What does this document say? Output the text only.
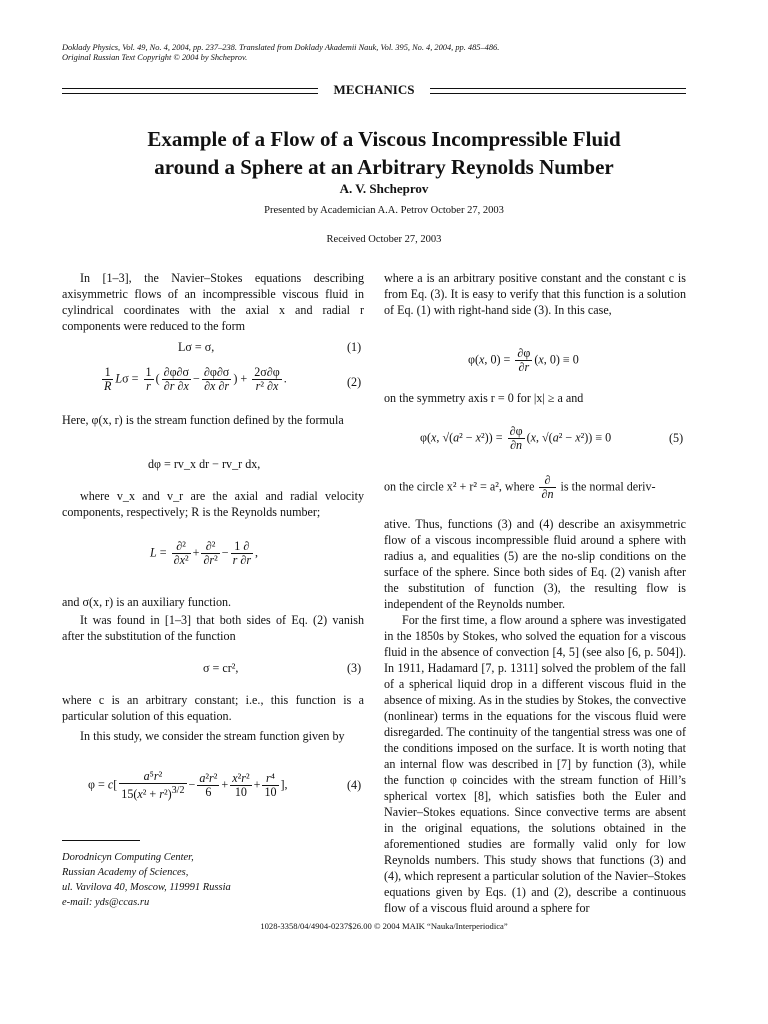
Doklady Physics, Vol. 49, No. 4, 2004, pp. 237–238. Translated from Doklady Akademii Nauk, Vol. 395, No. 4, 2004, pp. 485–486.
Original Russian Text Copyright © 2004 by Shcheprov.
MECHANICS
Example of a Flow of a Viscous Incompressible Fluid
around a Sphere at an Arbitrary Reynolds Number
A. V. Shcheprov
Presented by Academician A.A. Petrov October 27, 2003
Received October 27, 2003
In [1–3], the Navier–Stokes equations describing axisymmetric flows of an incompressible viscous fluid in cylindrical coordinates with the axial x and radial r components were reduced to the form
Lσ = σ,	(1)
$\frac{1}{R}$ $L\sigma = \frac{1}{r}$ ( $\frac{\partial\varphi\partial\sigma}{\partial r \partial x} - \frac{\partial\varphi\partial\sigma}{\partial x \partial r}$ ) + $\frac{2\sigma\partial\varphi}{\text{r² ∂x}}$ .	(2)
Here, φ(x, r) is the stream function defined by the formula
dφ = rv_x dr − rv_r dx,
where v_x and v_r are the axial and radial velocity components, respectively; R is the Reynolds number;
$L = \frac{\text{∂²}}{\text{∂x²}} + \frac{\text{∂²}}{\text{∂r²}} - \frac{1 \partial}{r \partial r}$ ,
and σ(x, r) is an auxiliary function.
It was found in [1–3] that both sides of Eq. (2) vanish after the substitution of the function
σ = cr²,	(3)
where c is an arbitrary constant; i.e., this function is a particular solution of this equation.
In this study, we consider the stream function given by
$\varphi = c[ \frac{\text{a⁵r²}}{15(x^2 + r^2)^{3/2}} - \frac{\text{a²r²}}{6} + \frac{\text{x²r²}}{10} + \frac{\text{r⁴}}{10}$ ],	(4)
Dorodnicyn Computing Center,
Russian Academy of Sciences,
ul. Vavilova 40, Moscow, 119991 Russia
e-mail: yds@ccas.ru
where a is an arbitrary positive constant and the constant c is from Eq. (3). It is easy to verify that this function is a solution of Eq. (1) with right-hand side (3). In this case,
φ(x, $0) = \frac{\partial\varphi}{\partial r} (x$, 0) ≡ 0
on the symmetry axis r = 0 for |x| ≥ a and
φ(x, $√(a^2 - x^2)) = \frac{\partial\varphi}{\partial n} (x$, √(a² − x²)) ≡ 0	(5)
on the circle x² + r² = a², where $\frac{\partial}{\partial n}$ is the normal deriv-
ative. Thus, functions (3) and (4) describe an axisymmetric flow of a viscous incompressible fluid around a sphere with radius a, and equalities (5) are the no-slip conditions on the surface of the sphere. Since both sides of Eq. (2) vanish after the substitution of function (3), the resulting flow is independent of the Reynolds number.
For the first time, a flow around a sphere was investigated in the 1850s by Stokes, who solved the equation for a viscous fluid in the absence of convection [4, 5] (see also [6, p. 504]). In 1911, Hadamard [7, p. 1311] solved the problem of the fall of a spherical liquid drop in a different viscous fluid in the absence of mixing. As in the studies by Stokes, the convective (nonlinear) terms in the equations for the viscous fluid were disregarded. The continuity of the tangential stress was one of the conditions imposed on the surface. It is worth noting that an internal flow was described in [7] by function (3), while the function φ coincides with the stream function of Hill’s spherical vortex [8], which satisfies both the Euler and Navier–Stokes equations. Since convective terms are absent in the original equations, the solutions obtained in the aforementioned studies are formally valid only for low Reynolds numbers. This study shows that functions (3) and (4), which represent a particular solution of the Navier–Stokes equations given by Eqs. (1) and (2), describe a continuous flow of a viscous fluid around a sphere for
1028-3358/04/4904-0237$26.00 © 2004 MAIK “Nauka/Interperiodica”
